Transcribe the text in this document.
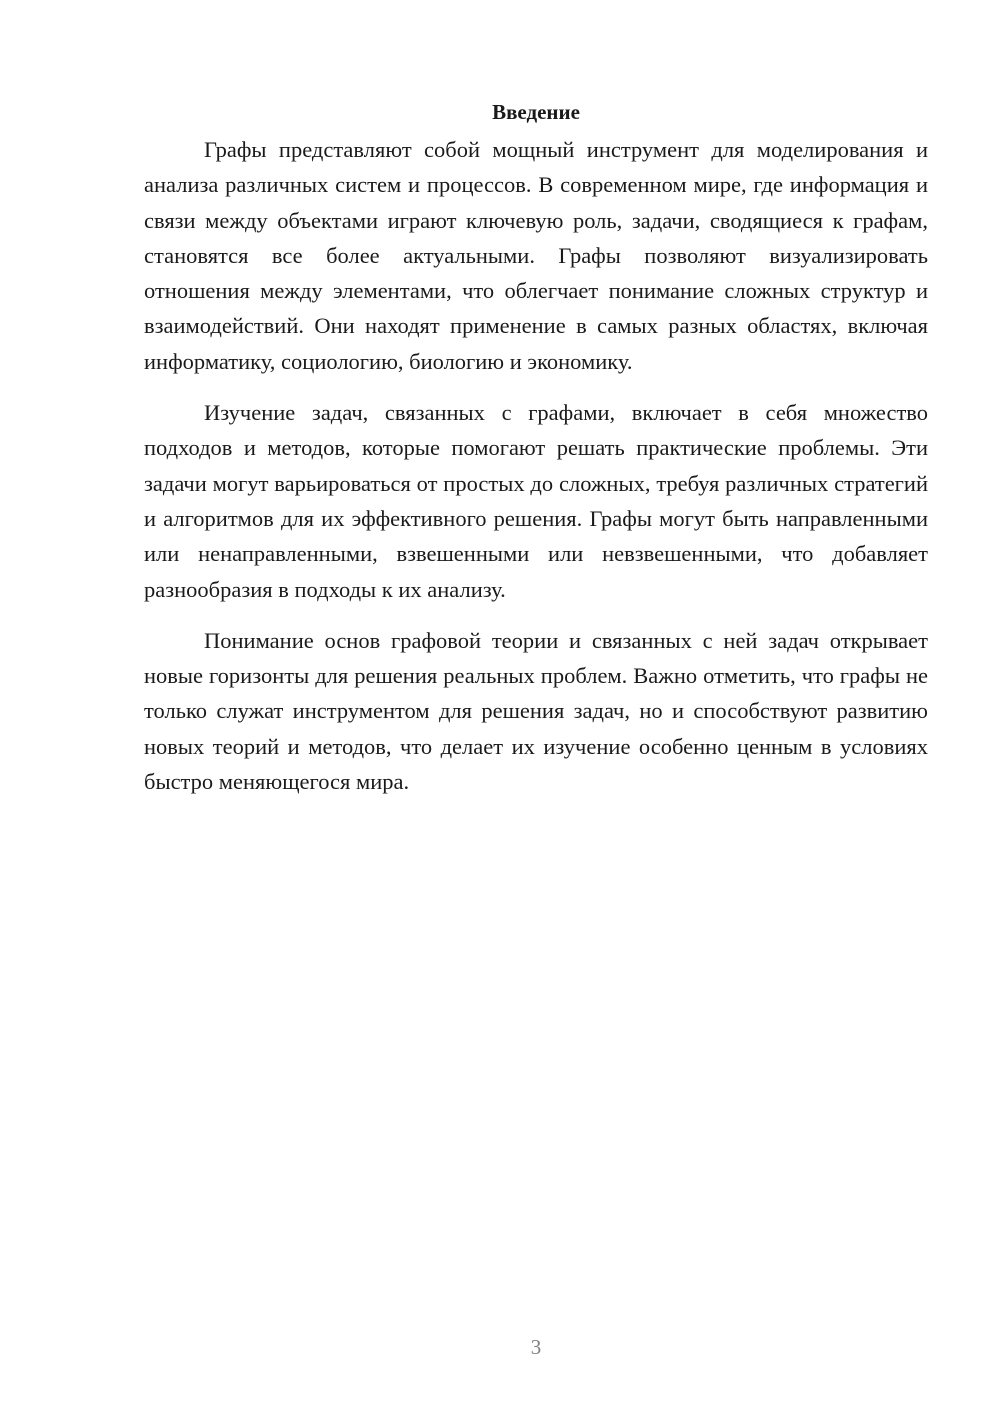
Введение

Графы представляют собой мощный инструмент для моделирования и анализа различных систем и процессов. В современном мире, где информация и связи между объектами играют ключевую роль, задачи, сводящиеся к графам, становятся все более актуальными. Графы позволяют визуализировать отношения между элементами, что облегчает понимание сложных структур и взаимодействий. Они находят применение в самых разных областях, включая информатику, социологию, биологию и экономику.

Изучение задач, связанных с графами, включает в себя множество подходов и методов, которые помогают решать практические проблемы. Эти задачи могут варьироваться от простых до сложных, требуя различных стратегий и алгоритмов для их эффективного решения. Графы могут быть направленными или ненаправленными, взвешенными или невзвешенными, что добавляет разнообразия в подходы к их анализу.

Понимание основ графовой теории и связанных с ней задач открывает новые горизонты для решения реальных проблем. Важно отметить, что графы не только служат инструментом для решения задач, но и способствуют развитию новых теорий и методов, что делает их изучение особенно ценным в условиях быстро меняющегося мира.

3
